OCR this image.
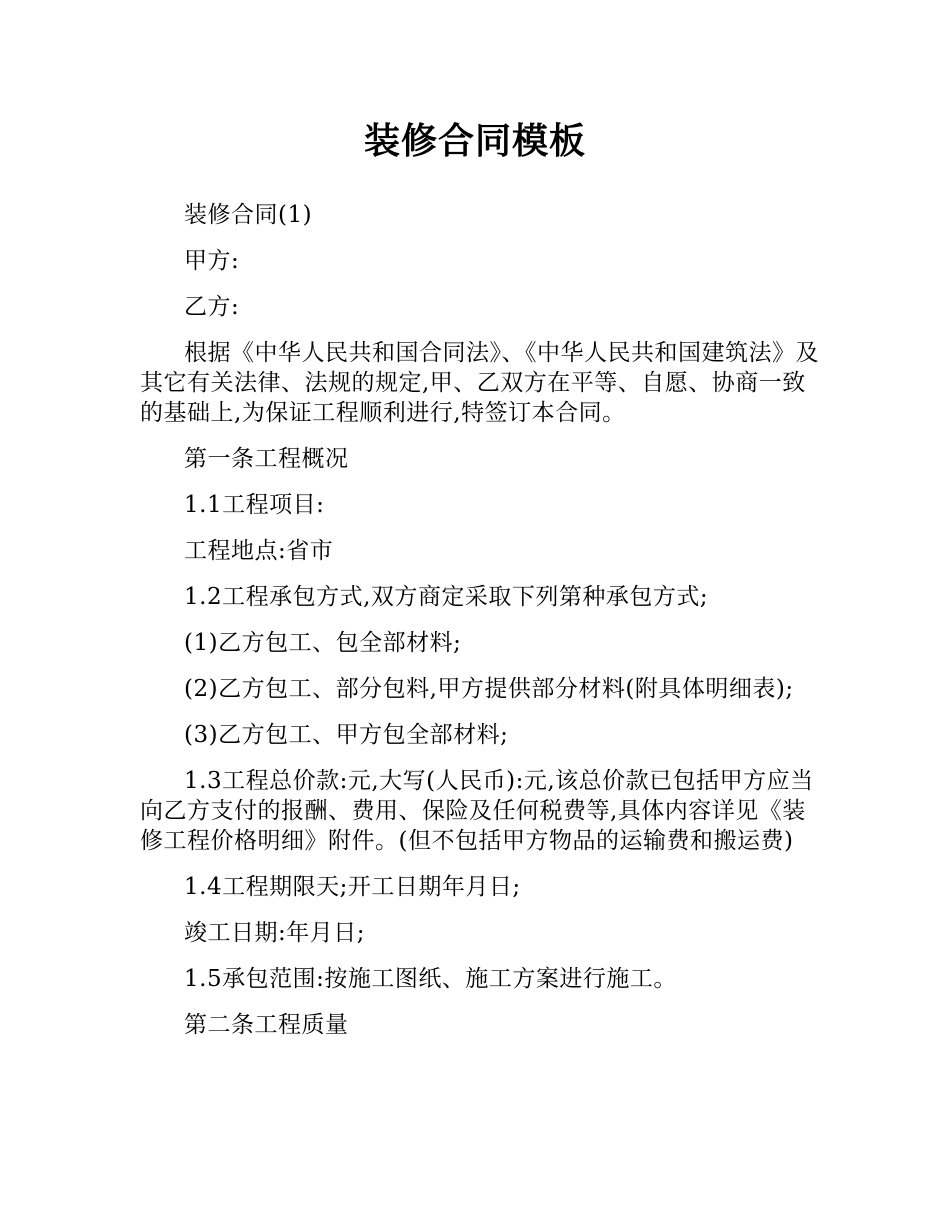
装修合同模板

装修合同(1)

甲方:

乙方:

根据《中华人民共和国合同法》、《中华人民共和国建筑法》及其它有关法律、法规的规定,甲、乙双方在平等、自愿、协商一致的基础上,为保证工程顺利进行,特签订本合同。

第一条工程概况

1.1工程项目:

工程地点:省市

1.2工程承包方式,双方商定采取下列第种承包方式;

(1)乙方包工、包全部材料;

(2)乙方包工、部分包料,甲方提供部分材料(附具体明细表);

(3)乙方包工、甲方包全部材料;

1.3工程总价款:元,大写(人民币):元,该总价款已包括甲方应当向乙方支付的报酬、费用、保险及任何税费等,具体内容详见《装修工程价格明细》附件。(但不包括甲方物品的运输费和搬运费)

1.4工程期限天;开工日期年月日;

竣工日期:年月日;

1.5承包范围:按施工图纸、施工方案进行施工。

第二条工程质量
